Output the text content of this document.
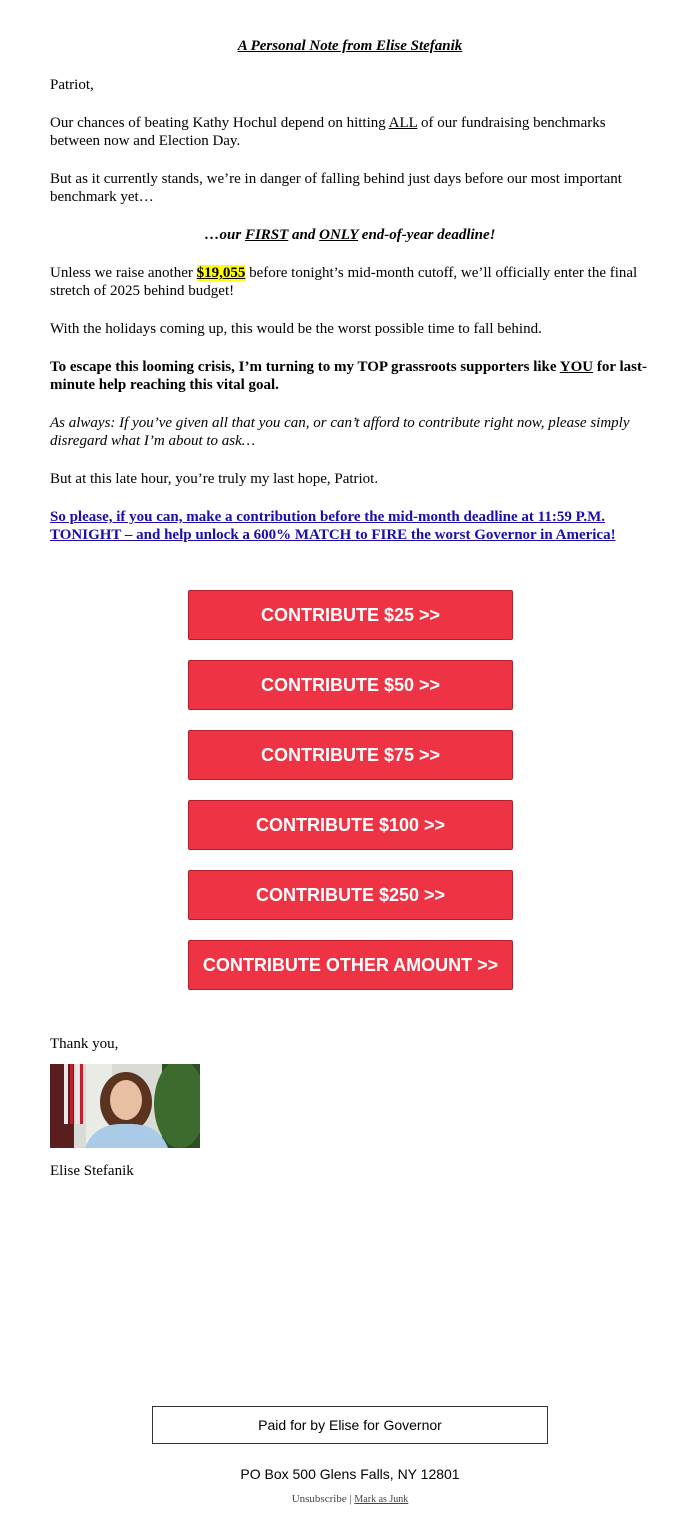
A Personal Note from Elise Stefanik

Patriot,

Our chances of beating Kathy Hochul depend on hitting ALL of our fundraising benchmarks between now and Election Day.

But as it currently stands, we’re in danger of falling behind just days before our most important benchmark yet…

…our FIRST and ONLY end-of-year deadline!

Unless we raise another $19,055 before tonight’s mid-month cutoff, we’ll officially enter the final stretch of 2025 behind budget!

With the holidays coming up, this would be the worst possible time to fall behind.

To escape this looming crisis, I’m turning to my TOP grassroots supporters like YOU for last-minute help reaching this vital goal.

As always: If you’ve given all that you can, or can’t afford to contribute right now, please simply disregard what I’m about to ask…

But at this late hour, you’re truly my last hope, Patriot.

So please, if you can, make a contribution before the mid-month deadline at 11:59 P.M. TONIGHT – and help unlock a 600% MATCH to FIRE the worst Governor in America!

CONTRIBUTE $25 >>
CONTRIBUTE $50 >>
CONTRIBUTE $75 >>
CONTRIBUTE $100 >>
CONTRIBUTE $250 >>
CONTRIBUTE OTHER AMOUNT >>
Thank you,
Elise Stefanik
Paid for by Elise for Governor
PO Box 500 Glens Falls, NY 12801
Unsubscribe | Mark as Junk
